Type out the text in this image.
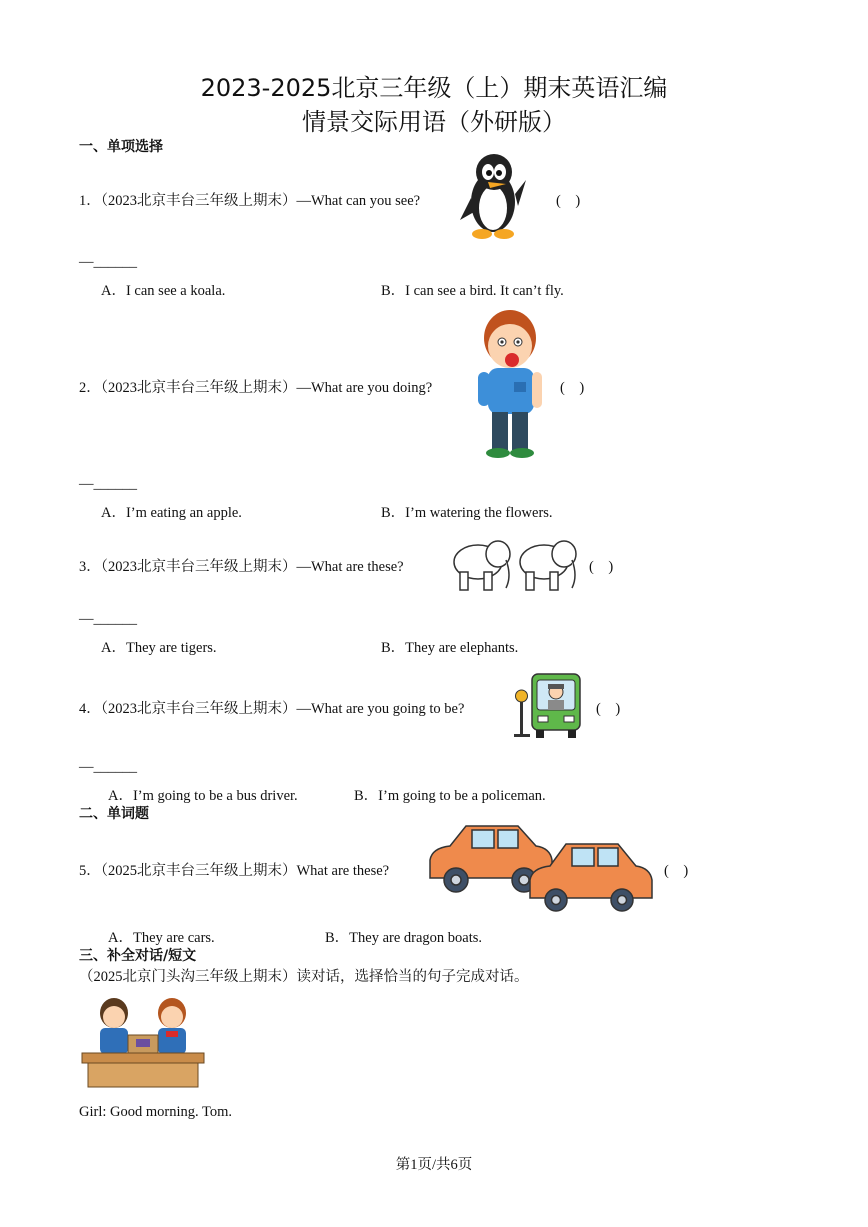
2023-2025北京三年级（上）期末英语汇编
情景交际用语（外研版）
一、单项选择
1．（2023北京丰台三年级上期末）—What can you see?	(　)
—______
A．I can see a koala.	B．I can see a bird. It can’t fly.
2．（2023北京丰台三年级上期末）—What are you doing?	(　)
—______
A．I’m eating an apple.	B．I’m watering the flowers.
3．（2023北京丰台三年级上期末）—What are these?	(　)
—______
A．They are tigers.	B．They are elephants.
4．（2023北京丰台三年级上期末）—What are you going to be?	(　)
—______
A．I’m going to be a bus driver.	B．I’m going to be a policeman.
二、单词题
5．（2025北京丰台三年级上期末）What are these?	(　)
A．They are cars.	B．They are dragon boats.
三、补全对话/短文
（2025北京门头沟三年级上期末）读对话，选择恰当的句子完成对话。
Girl: Good morning. Tom.
第1页/共6页
